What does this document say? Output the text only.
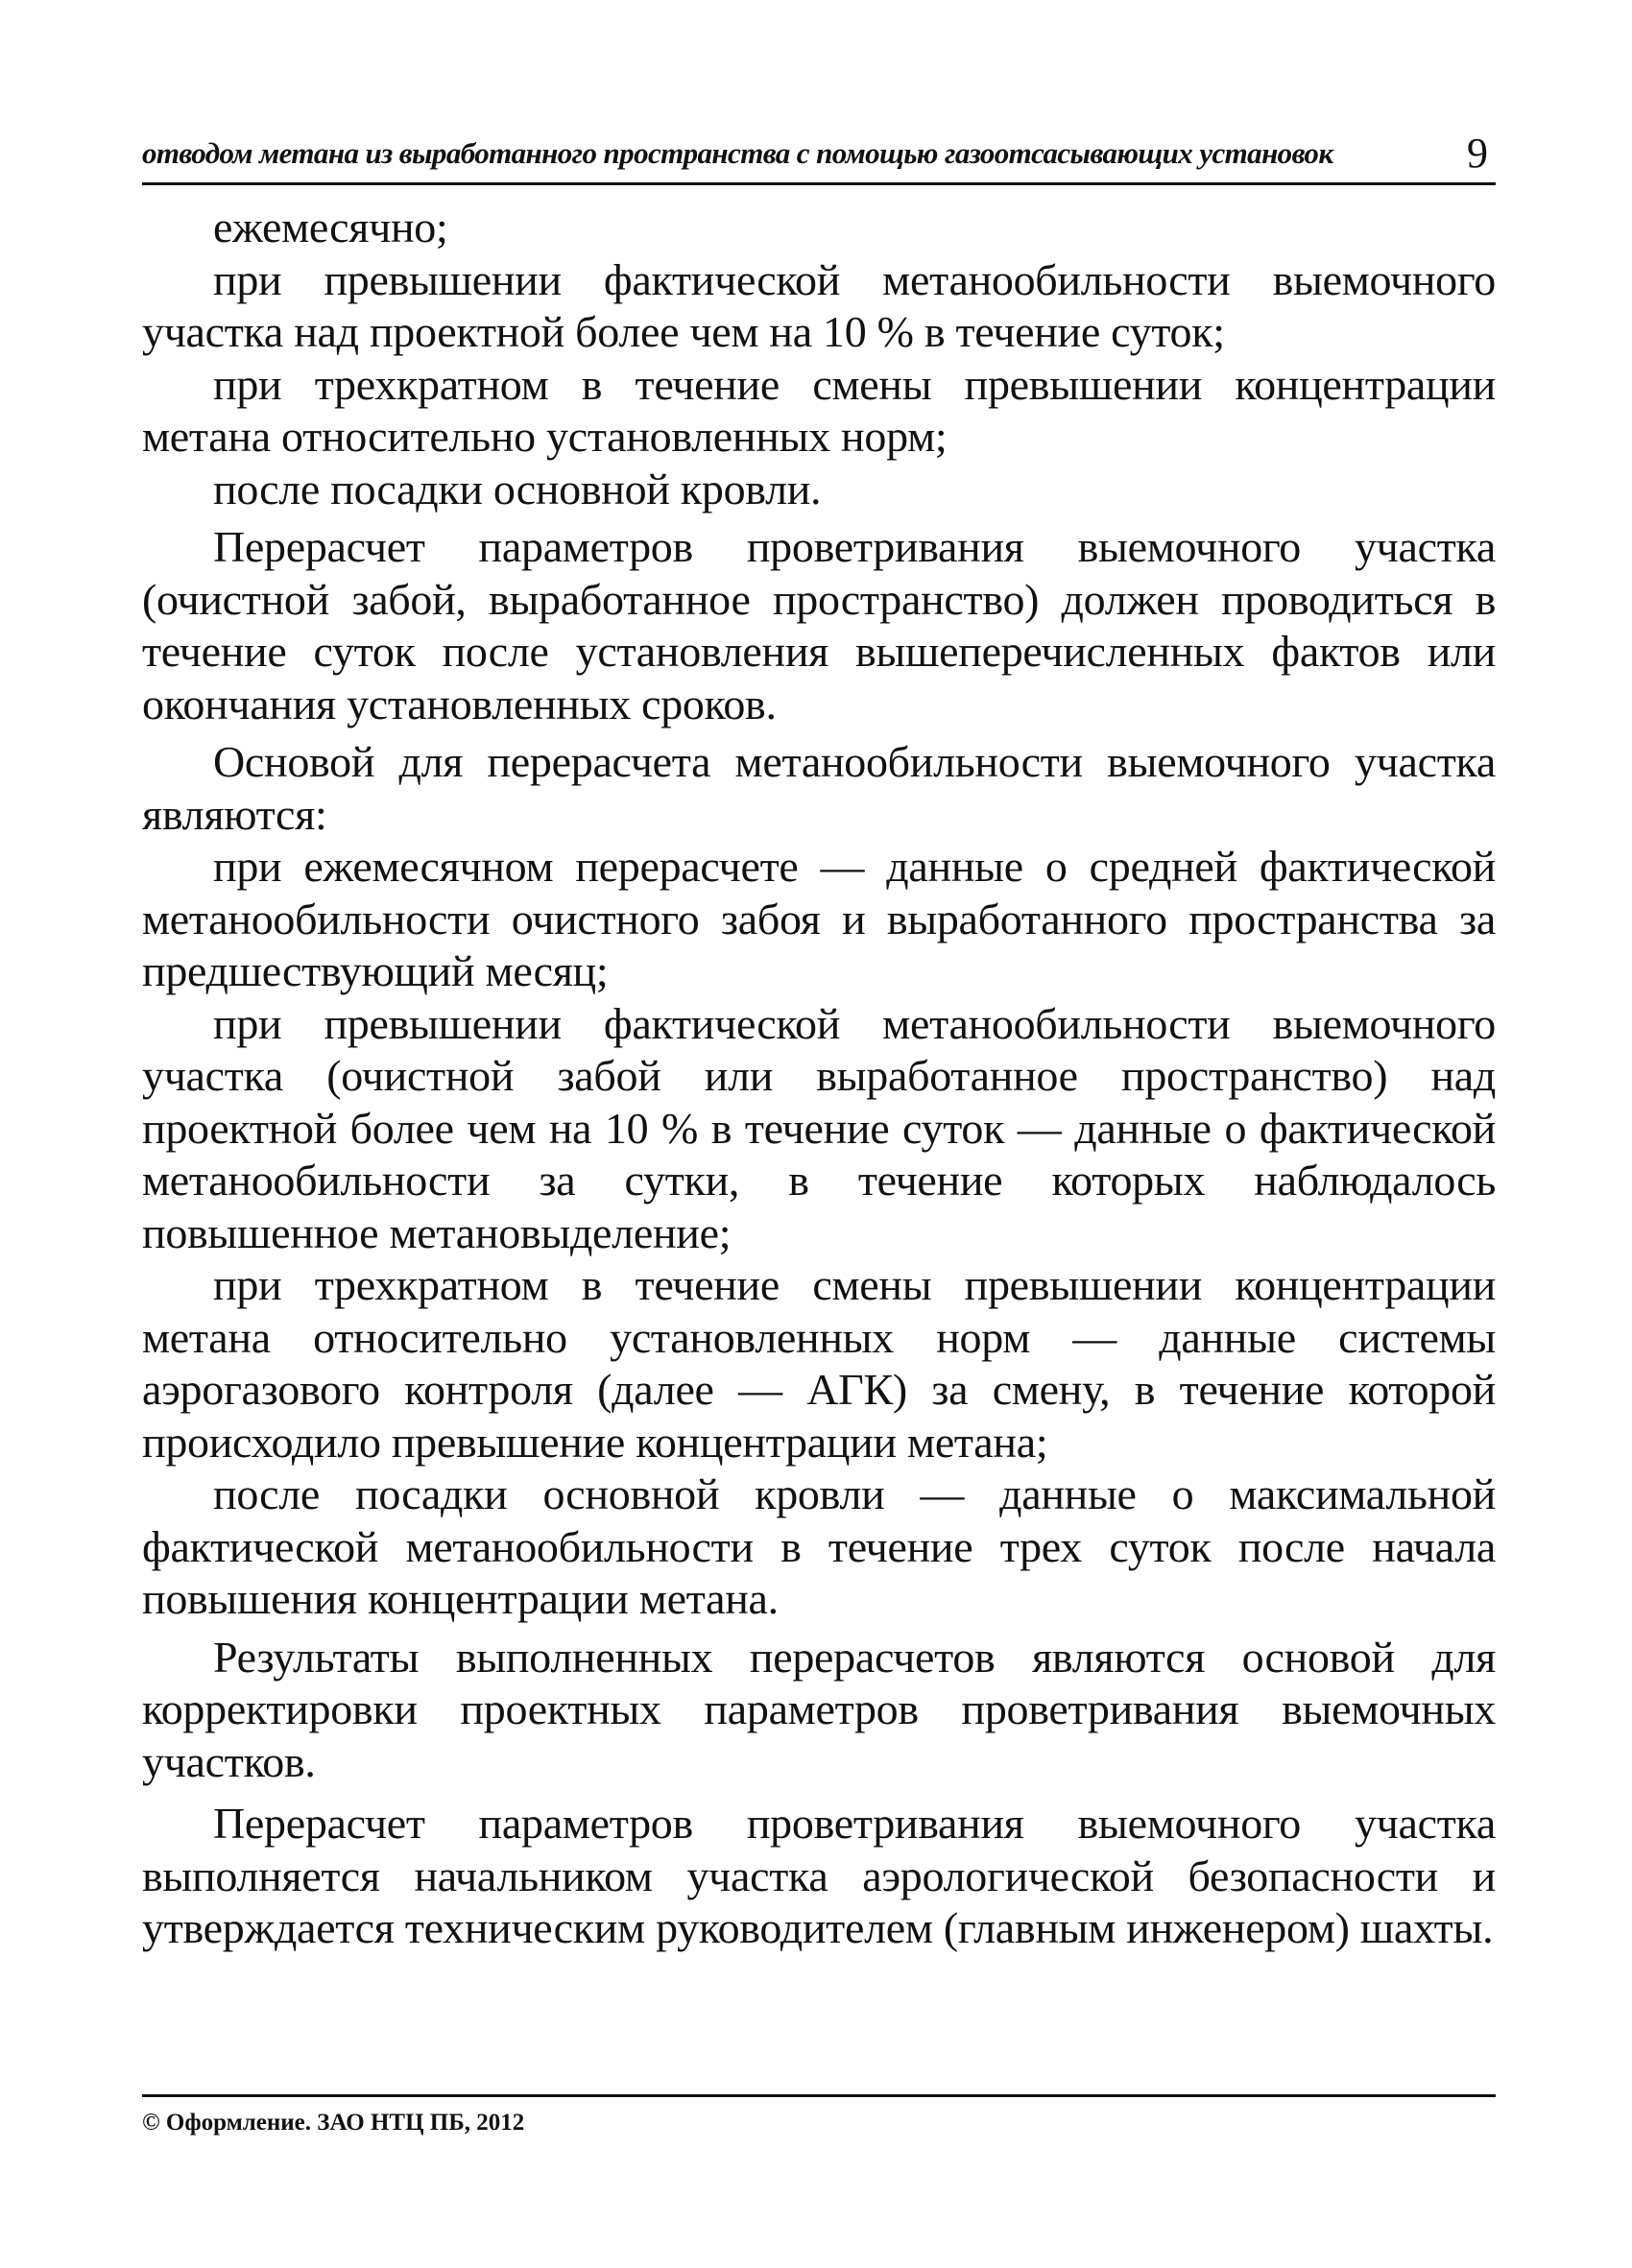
отводом метана из выработанного пространства с помощью газоотсасывающих установок	9

ежемесячно;

при превышении фактической метанообильности выемочного участка над проектной более чем на 10 % в течение суток;

при трехкратном в течение смены превышении концентрации метана относительно установленных норм;

после посадки основной кровли.

Перерасчет параметров проветривания выемочного участка (очистной забой, выработанное пространство) должен проводиться в течение суток после установления вышеперечисленных фактов или окончания установленных сроков.

Основой для перерасчета метанообильности выемочного участка являются:

при ежемесячном перерасчете — данные о средней фактической метанообильности очистного забоя и выработанного пространства за предшествующий месяц;

при превышении фактической метанообильности выемочного участка (очистной забой или выработанное пространство) над проектной более чем на 10 % в течение суток — данные о фактической метанообильности за сутки, в течение которых наблюдалось повышенное метановыделение;

при трехкратном в течение смены превышении концентрации метана относительно установленных норм — данные системы аэрогазового контроля (далее — АГК) за смену, в течение которой происходило превышение концентрации метана;

после посадки основной кровли — данные о максимальной фактической метанообильности в течение трех суток после начала повышения концентрации метана.

Результаты выполненных перерасчетов являются основой для корректировки проектных параметров проветривания выемочных участков.

Перерасчет параметров проветривания выемочного участка выполняется начальником участка аэрологической безопасности и утверждается техническим руководителем (главным инженером) шахты.

© Оформление. ЗАО НТЦ ПБ, 2012
